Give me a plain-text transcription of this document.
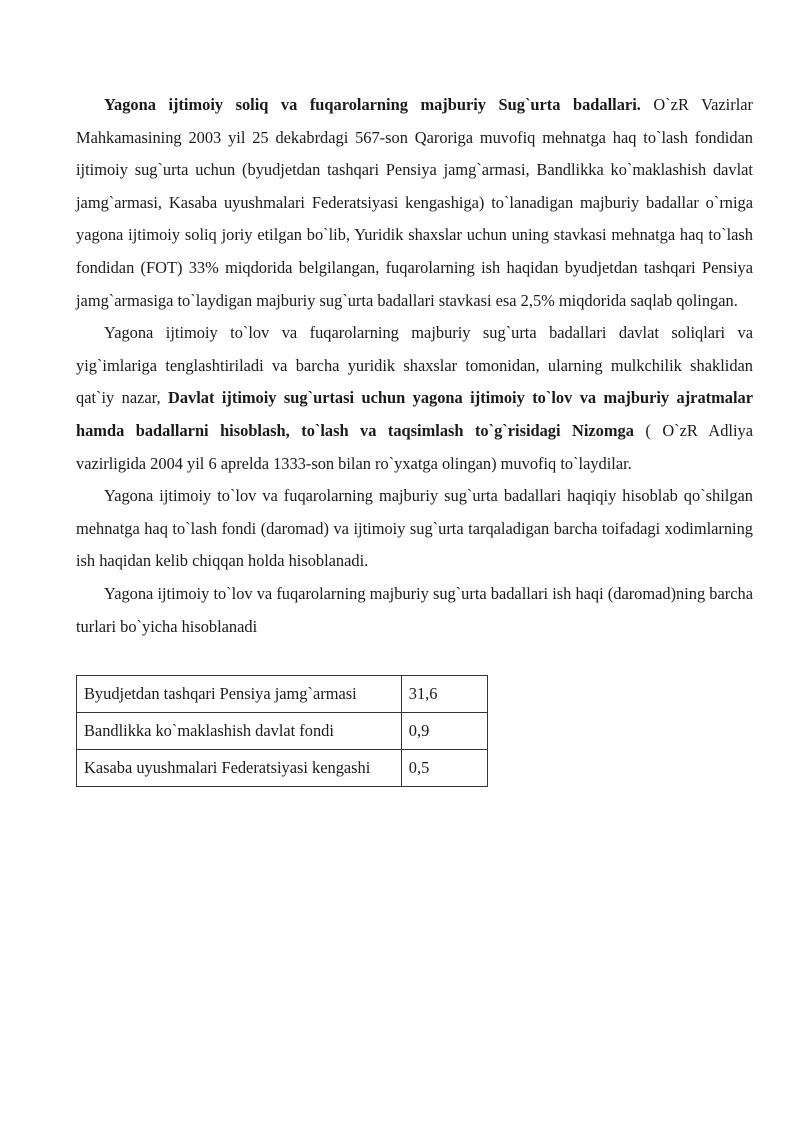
Yagona ijtimoiy soliq va fuqarolarning majburiy Sug`urta badallari. O`zR Vazirlar Mahkamasining 2003 yil 25 dekabrdagi 567-son Qaroriga muvofiq mehnatga haq to`lash fondidan ijtimoiy sug`urta uchun (byudjetdan tashqari Pensiya jamg`armasi, Bandlikka ko`maklashish davlat jamg`armasi, Kasaba uyushmalari Federatsiyasi kengashiga) to`lanadigan majburiy badallar o`rniga yagona ijtimoiy soliq joriy etilgan bo`lib, Yuridik shaxslar uchun uning stavkasi mehnatga haq to`lash fondidan (FOT) 33% miqdorida belgilangan, fuqarolarning ish haqidan byudjetdan tashqari Pensiya jamg`armasiga to`laydigan majburiy sug`urta badallari stavkasi esa 2,5% miqdorida saqlab qolingan.

Yagona ijtimoiy to`lov va fuqarolarning majburiy sug`urta badallari davlat soliqlari va yig`imlariga tenglashtiriladi va barcha yuridik shaxslar tomonidan, ularning mulkchilik shaklidan qat`iy nazar, Davlat ijtimoiy sug`urtasi uchun yagona ijtimoiy to`lov va majburiy ajratmalar hamda badallarni hisoblash, to`lash va taqsimlash to`g`risidagi Nizomga ( O`zR Adliya vazirligida 2004 yil 6 aprelda 1333-son bilan ro`yxatga olingan) muvofiq to`laydilar.

Yagona ijtimoiy to`lov va fuqarolarning majburiy sug`urta badallari haqiqiy hisoblab qo`shilgan mehnatga haq to`lash fondi (daromad) va ijtimoiy sug`urta tarqaladigan barcha toifadagi xodimlarning ish haqidan kelib chiqqan holda hisoblanadi.

Yagona ijtimoiy to`lov va fuqarolarning majburiy sug`urta badallari ish haqi (daromad)ning barcha turlari bo`yicha hisoblanadi

Byudjetdan tashqari Pensiya jamg`armasi	31,6
Bandlikka ko`maklashish davlat fondi	0,9
Kasaba uyushmalari Federatsiyasi kengashi	0,5
